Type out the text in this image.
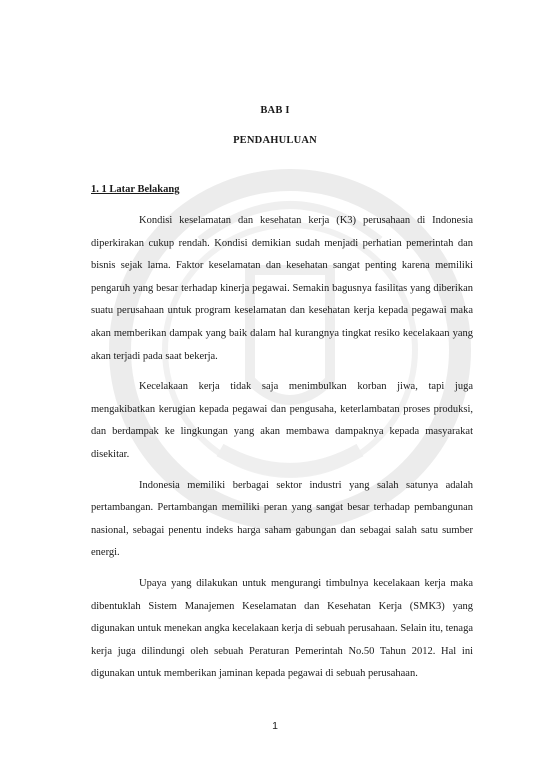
BAB I
PENDAHULUAN
1. 1 Latar Belakang

Kondisi keselamatan dan kesehatan kerja (K3) perusahaan di Indonesia diperkirakan cukup rendah. Kondisi demikian sudah menjadi perhatian pemerintah dan bisnis sejak lama. Faktor keselamatan dan kesehatan sangat penting karena memiliki pengaruh yang besar terhadap kinerja pegawai. Semakin bagusnya fasilitas yang diberikan suatu perusahaan untuk program keselamatan dan kesehatan kerja kepada pegawai maka akan memberikan dampak yang baik dalam hal kurangnya tingkat resiko kecelakaan yang akan terjadi pada saat bekerja.

Kecelakaan kerja tidak saja menimbulkan korban jiwa, tapi juga mengakibatkan kerugian kepada pegawai dan pengusaha, keterlambatan proses produksi, dan berdampak ke lingkungan yang akan membawa dampaknya kepada masyarakat disekitar.

Indonesia memiliki berbagai sektor industri yang salah satunya adalah pertambangan. Pertambangan memiliki peran yang sangat besar terhadap pembangunan nasional, sebagai penentu indeks harga saham gabungan dan sebagai salah satu sumber energi.

Upaya yang dilakukan untuk mengurangi timbulnya kecelakaan kerja maka dibentuklah Sistem Manajemen Keselamatan dan Kesehatan Kerja (SMK3) yang digunakan untuk menekan angka kecelakaan kerja di sebuah perusahaan. Selain itu, tenaga kerja juga dilindungi oleh sebuah Peraturan Pemerintah No.50 Tahun 2012. Hal ini digunakan untuk memberikan jaminan kepada pegawai di sebuah perusahaan.

1
